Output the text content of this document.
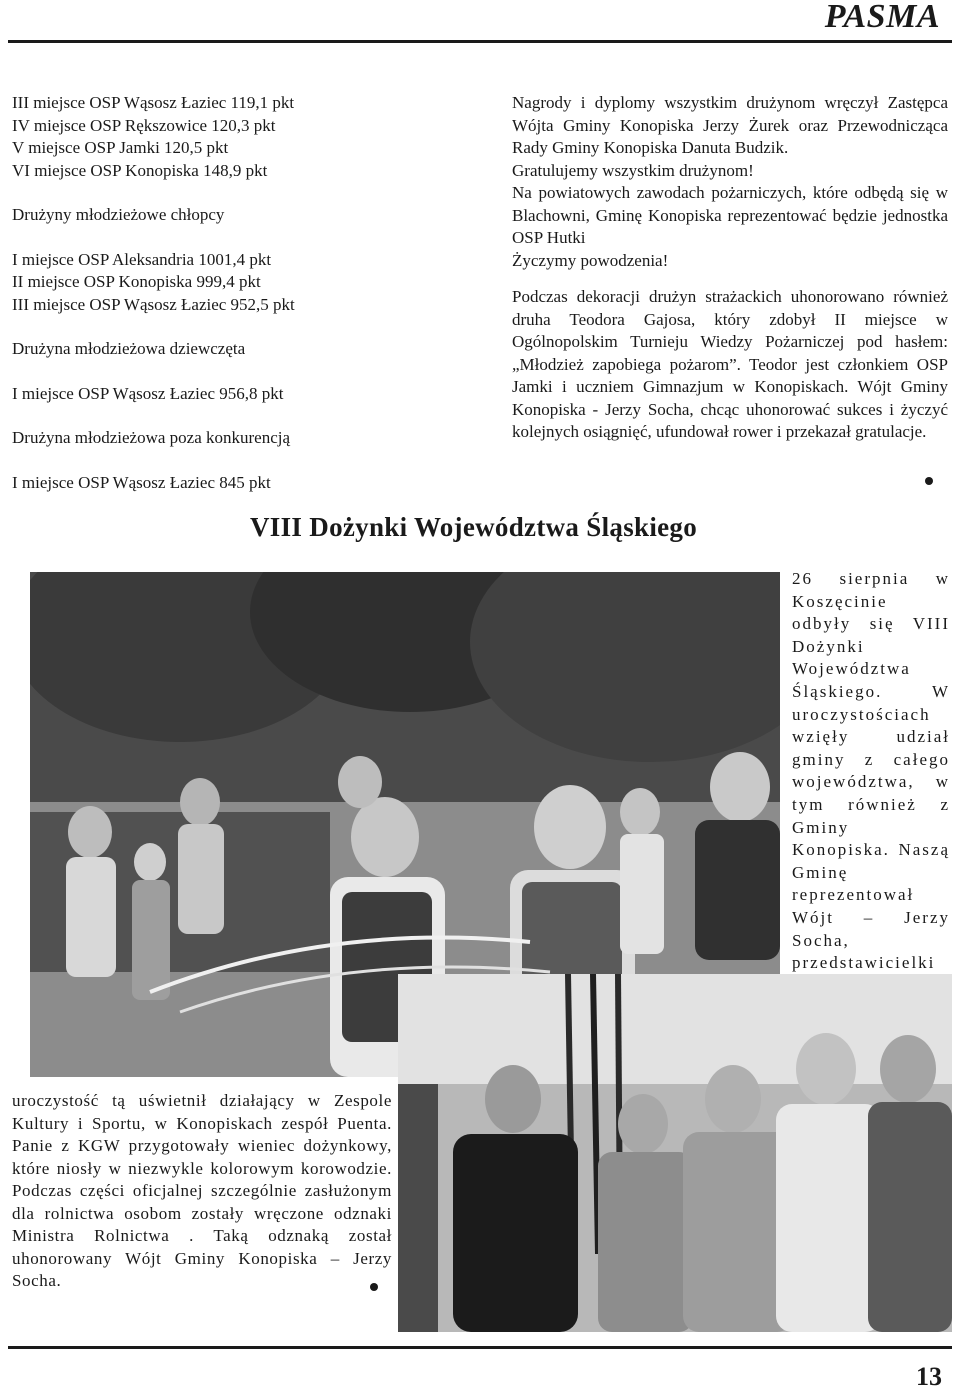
PASMA

III miejsce OSP Wąsosz Łaziec 119,1 pkt

IV miejsce OSP Rększowice 120,3 pkt

V miejsce OSP Jamki 120,5 pkt

VI miejsce OSP Konopiska 148,9 pkt

Drużyny młodzieżowe chłopcy

I miejsce OSP Aleksandria 1001,4 pkt

II miejsce OSP Konopiska 999,4 pkt

III miejsce OSP Wąsosz Łaziec 952,5 pkt

Drużyna młodzieżowa dziewczęta

I miejsce OSP Wąsosz Łaziec 956,8 pkt

Drużyna młodzieżowa poza konkurencją

I miejsce OSP Wąsosz Łaziec 845 pkt

Nagrody i dyplomy wszystkim drużynom wręczył Zastępca Wójta Gminy Konopiska Jerzy Żurek oraz Przewodnicząca Rady Gminy Konopiska Danuta Budzik.

Gratulujemy wszystkim drużynom!

Na powiatowych zawodach pożarniczych, które odbędą się w Blachowni, Gminę Konopiska reprezentować będzie jednostka OSP Hutki

Życzymy powodzenia!

Podczas dekoracji drużyn strażackich uhonorowano również druha Teodora Gajosa, który zdobył II miejsce w Ogólnopolskim Turnieju Wiedzy Pożarniczej pod hasłem: „Młodzież zapobiega pożarom”. Teodor jest członkiem OSP Jamki i uczniem Gimnazjum w Konopiskach. Wójt Gminy Konopiska - Jerzy Socha, chcąc uhonorować sukces i życzyć kolejnych osiągnięć, ufundował rower i przekazał gratulacje.

VIII Dożynki Województwa Śląskiego
26 sierpnia w Koszęcinie odbyły się VIII Dożynki Województwa Śląskiego. W uroczystościach wzięły udział gminy z całego województwa, w tym również z Gminy Konopiska. Naszą Gminę reprezentował Wójt – Jerzy Socha, przedstawicielki
uroczystość tą uświetnił działający w Zespole Kultury i Sportu, w Konopiskach zespół Puenta. Panie z KGW przygotowały wieniec dożynkowy, które niosły w niezwykle kolorowym korowodzie. Podczas części oficjalnej szczególnie zasłużonym dla rolnictwa osobom zostały wręczone odznaki Ministra Rolnictwa . Taką odznaką został uhonorowany Wójt Gminy Konopiska – Jerzy Socha.
13
